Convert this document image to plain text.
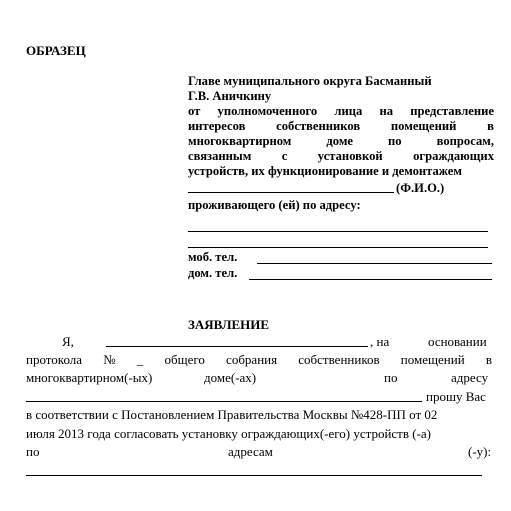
ОБРАЗЕЦ
Главе муниципального округа Басманный
Г.В. Аничкину
от уполномоченного лица на представление
интересов собственников помещений в
многоквартирном	доме	по	вопросам,
связанным с установкой ограждающих
устройств, их функционирование и демонтажем
(Ф.И.О.)
проживающего (ей) по адресу:
моб. тел.
дом. тел.
ЗАЯВЛЕНИЕ
Я,	, на	основании
протокола № _ общего собрания собственников помещений в
многоквартирном(-ых)	доме(-ах)	по	адресу
прошу Вас
в соответствии с Постановлением Правительства Москвы №428-ПП от 02
июля 2013 года согласовать установку ограждающих(-его) устройств (-а)
по	адресам	(-у):
